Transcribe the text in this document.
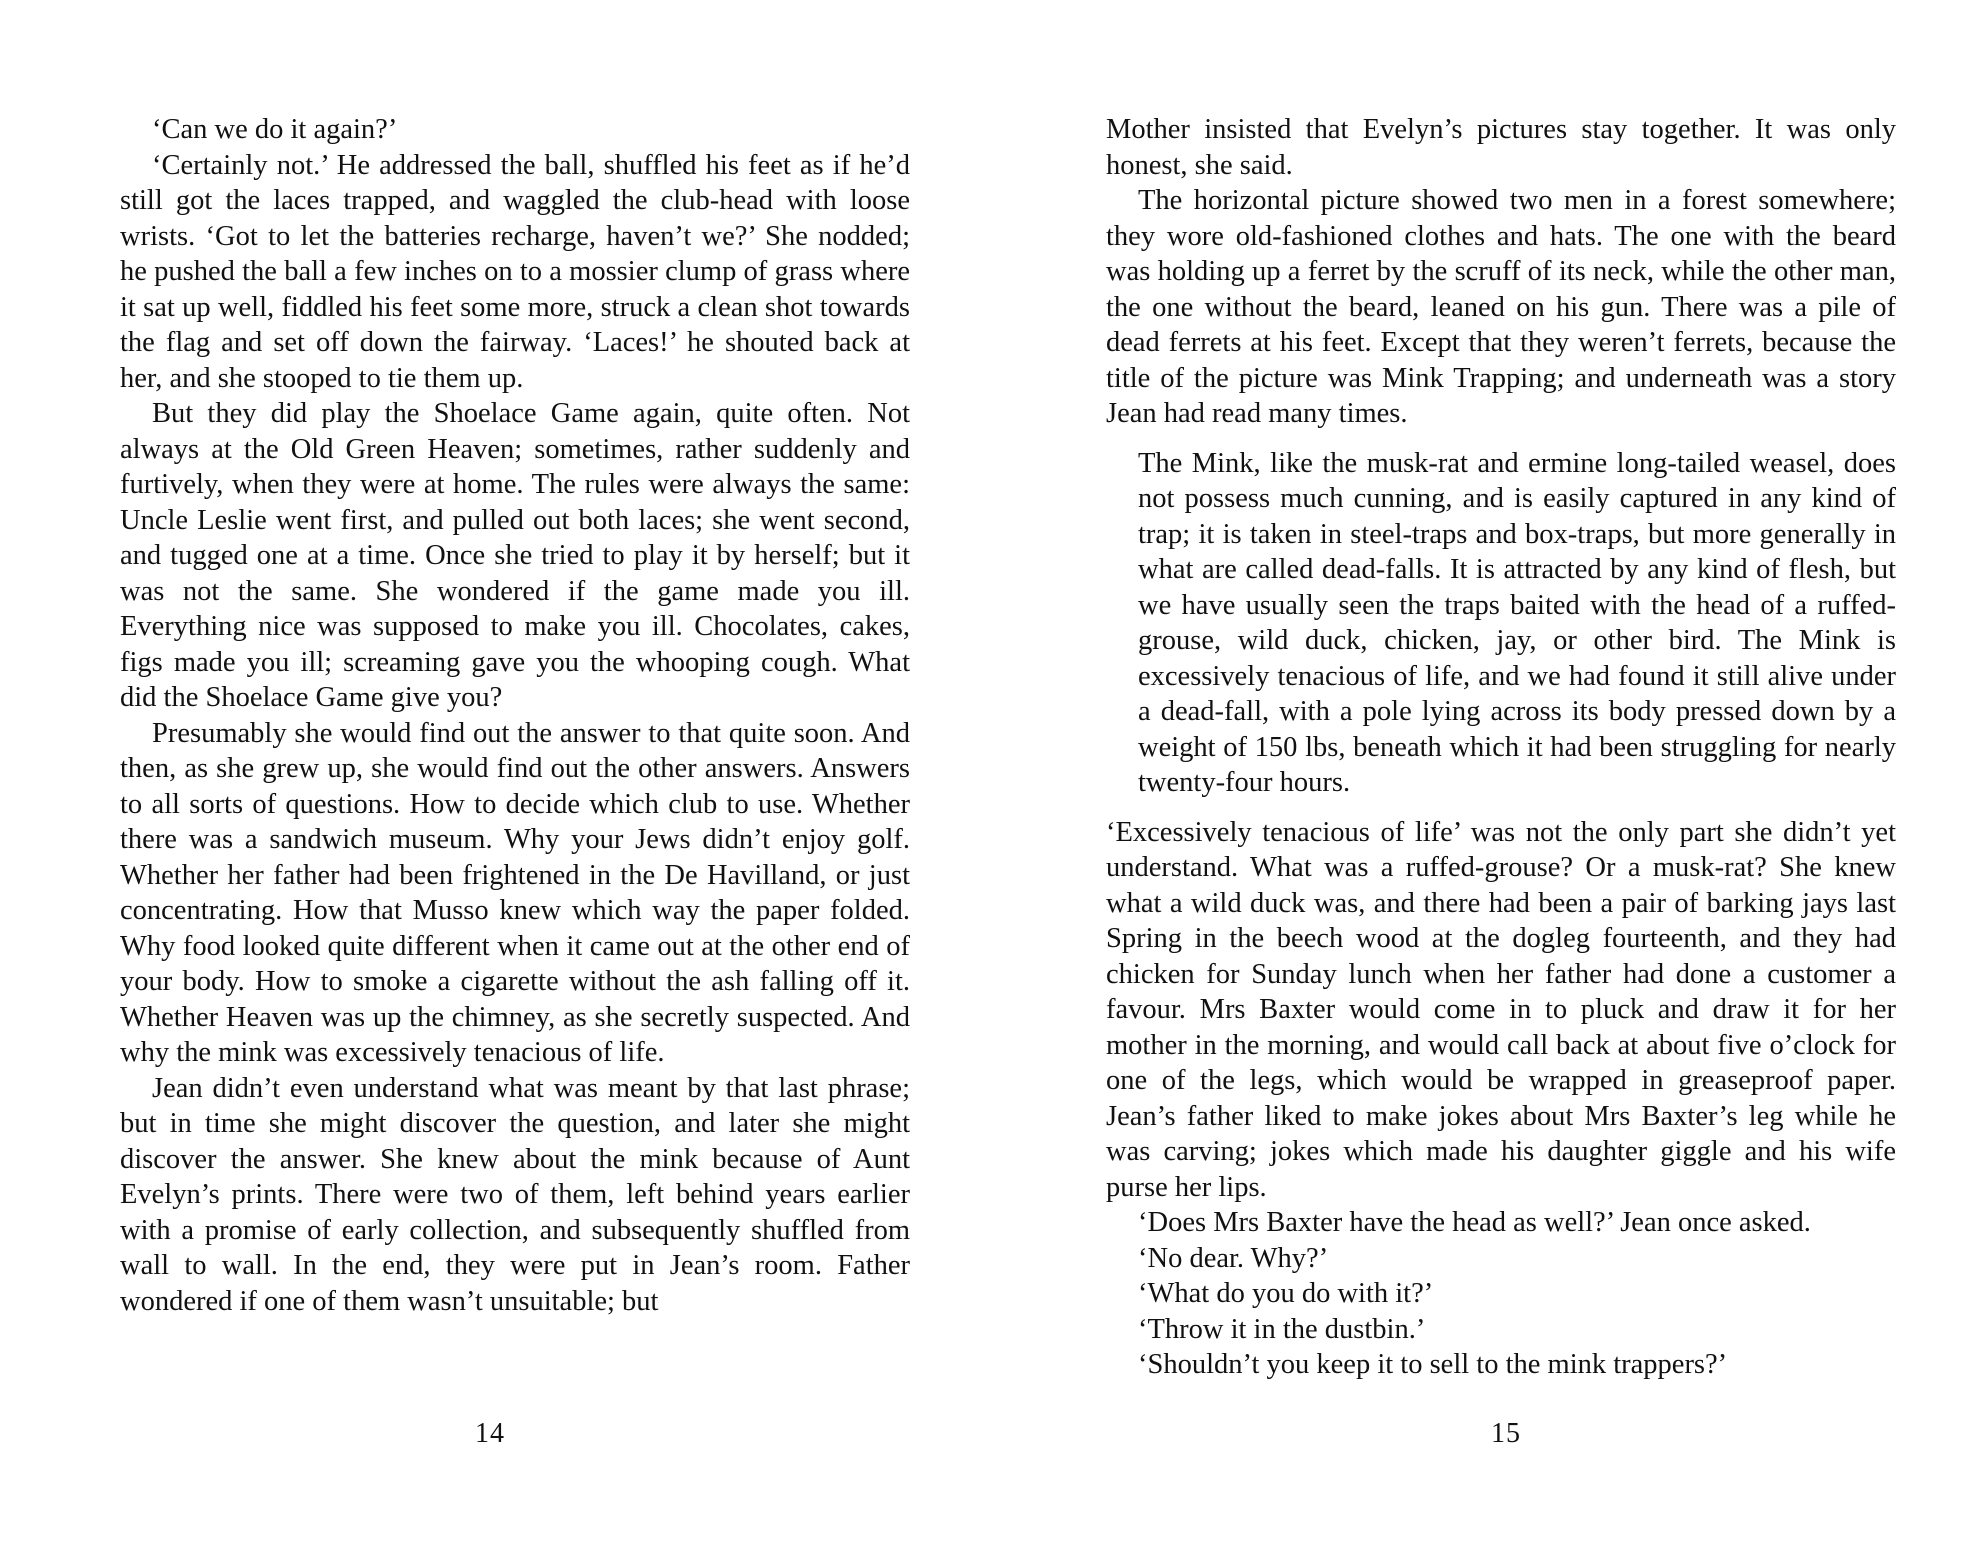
‘Can we do it again?’

‘Certainly not.’ He addressed the ball, shuffled his feet as if he’d still got the laces trapped, and waggled the club-head with loose wrists. ‘Got to let the batteries recharge, haven’t we?’ She nodded; he pushed the ball a few inches on to a mossier clump of grass where it sat up well, fiddled his feet some more, struck a clean shot towards the flag and set off down the fairway. ‘Laces!’ he shouted back at her, and she stooped to tie them up.

But they did play the Shoelace Game again, quite often. Not always at the Old Green Heaven; sometimes, rather suddenly and furtively, when they were at home. The rules were always the same: Uncle Leslie went first, and pulled out both laces; she went second, and tugged one at a time. Once she tried to play it by herself; but it was not the same. She wondered if the game made you ill. Everything nice was supposed to make you ill. Chocolates, cakes, figs made you ill; screaming gave you the whooping cough. What did the Shoelace Game give you?

Presumably she would find out the answer to that quite soon. And then, as she grew up, she would find out the other answers. Answers to all sorts of questions. How to decide which club to use. Whether there was a sandwich museum. Why your Jews didn’t enjoy golf. Whether her father had been frightened in the De Havilland, or just concentrating. How that Musso knew which way the paper folded. Why food looked quite different when it came out at the other end of your body. How to smoke a cigarette without the ash falling off it. Whether Heaven was up the chimney, as she secretly suspected. And why the mink was excessively tenacious of life.

Jean didn’t even understand what was meant by that last phrase; but in time she might discover the question, and later she might discover the answer. She knew about the mink because of Aunt Evelyn’s prints. There were two of them, left behind years earlier with a promise of early collection, and subsequently shuffled from wall to wall. In the end, they were put in Jean’s room. Father wondered if one of them wasn’t unsuitable; but

14

Mother insisted that Evelyn’s pictures stay together. It was only honest, she said.

The horizontal picture showed two men in a forest somewhere; they wore old-fashioned clothes and hats. The one with the beard was holding up a ferret by the scruff of its neck, while the other man, the one without the beard, leaned on his gun. There was a pile of dead ferrets at his feet. Except that they weren’t ferrets, because the title of the picture was Mink Trapping; and underneath was a story Jean had read many times.

The Mink, like the musk-rat and ermine long-tailed weasel, does not possess much cunning, and is easily captured in any kind of trap; it is taken in steel-traps and box-traps, but more generally in what are called dead-falls. It is attracted by any kind of flesh, but we have usually seen the traps baited with the head of a ruffed-grouse, wild duck, chicken, jay, or other bird. The Mink is excessively tenacious of life, and we had found it still alive under a dead-fall, with a pole lying across its body pressed down by a weight of 150 lbs, beneath which it had been struggling for nearly twenty-four hours.

‘Excessively tenacious of life’ was not the only part she didn’t yet understand. What was a ruffed-grouse? Or a musk-rat? She knew what a wild duck was, and there had been a pair of barking jays last Spring in the beech wood at the dogleg fourteenth, and they had chicken for Sunday lunch when her father had done a customer a favour. Mrs Baxter would come in to pluck and draw it for her mother in the morning, and would call back at about five o’clock for one of the legs, which would be wrapped in greaseproof paper. Jean’s father liked to make jokes about Mrs Baxter’s leg while he was carving; jokes which made his daughter giggle and his wife purse her lips.

‘Does Mrs Baxter have the head as well?’ Jean once asked.

‘No dear. Why?’

‘What do you do with it?’

‘Throw it in the dustbin.’

‘Shouldn’t you keep it to sell to the mink trappers?’

15
